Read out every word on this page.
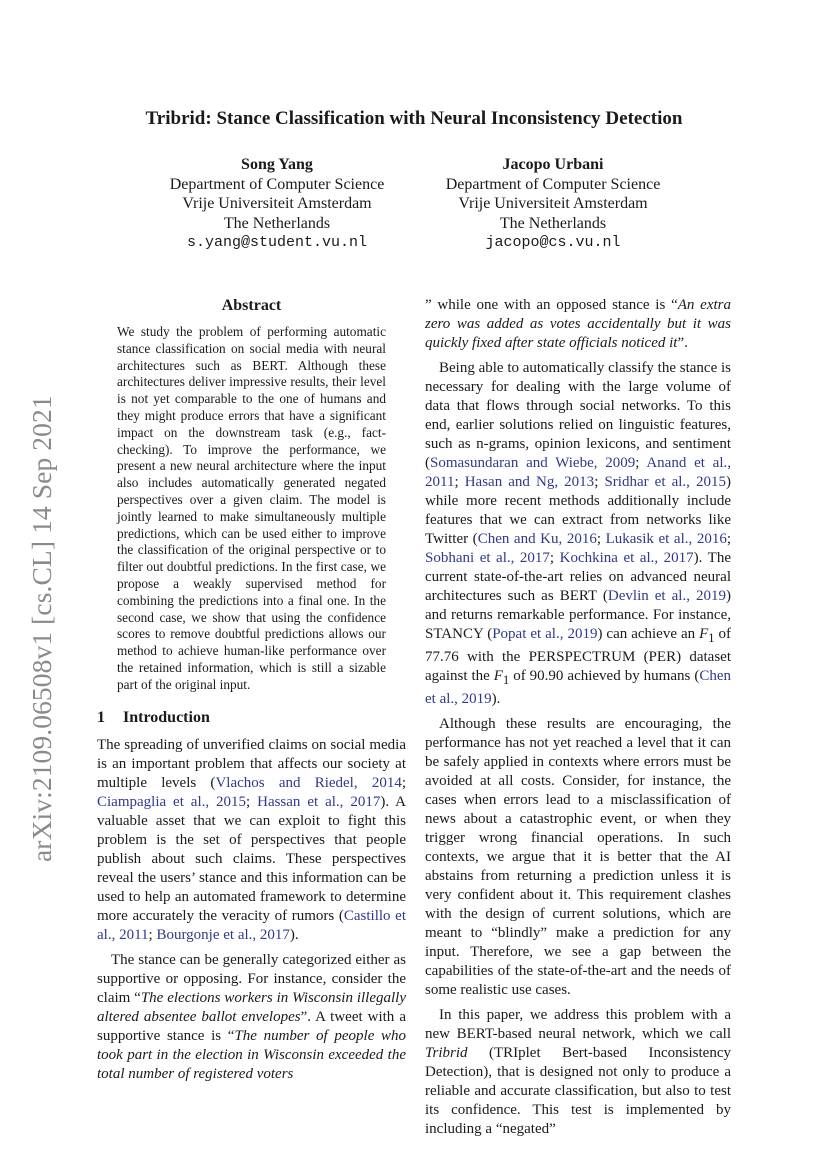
arXiv:2109.06508v1 [cs.CL] 14 Sep 2021
Tribrid: Stance Classification with Neural Inconsistency Detection
Song Yang
Department of Computer Science
Vrije Universiteit Amsterdam
The Netherlands
s.yang@student.vu.nl
Jacopo Urbani
Department of Computer Science
Vrije Universiteit Amsterdam
The Netherlands
jacopo@cs.vu.nl
Abstract

We study the problem of performing automatic stance classification on social media with neural architectures such as BERT. Although these architectures deliver impressive results, their level is not yet comparable to the one of humans and they might produce errors that have a significant impact on the downstream task (e.g., fact-checking). To improve the performance, we present a new neural architecture where the input also includes automatically generated negated perspectives over a given claim. The model is jointly learned to make simultaneously multiple predictions, which can be used either to improve the classification of the original perspective or to filter out doubtful predictions. In the first case, we propose a weakly supervised method for combining the predictions into a final one. In the second case, we show that using the confidence scores to remove doubtful predictions allows our method to achieve human-like performance over the retained information, which is still a sizable part of the original input.

1 Introduction

The spreading of unverified claims on social media is an important problem that affects our society at multiple levels (Vlachos and Riedel, 2014; Ciampaglia et al., 2015; Hassan et al., 2017). A valuable asset that we can exploit to fight this problem is the set of perspectives that people publish about such claims. These perspectives reveal the users’ stance and this information can be used to help an automated framework to determine more accurately the veracity of rumors (Castillo et al., 2011; Bourgonje et al., 2017).

The stance can be generally categorized either as supportive or opposing. For instance, consider the claim “The elections workers in Wisconsin illegally altered absentee ballot envelopes”. A tweet with a supportive stance is “The number of people who took part in the election in Wisconsin exceeded the total number of registered voters

” while one with an opposed stance is “An extra zero was added as votes accidentally but it was quickly fixed after state officials noticed it”.

Being able to automatically classify the stance is necessary for dealing with the large volume of data that flows through social networks. To this end, earlier solutions relied on linguistic features, such as n-grams, opinion lexicons, and sentiment (Somasundaran and Wiebe, 2009; Anand et al., 2011; Hasan and Ng, 2013; Sridhar et al., 2015) while more recent methods additionally include features that we can extract from networks like Twitter (Chen and Ku, 2016; Lukasik et al., 2016; Sobhani et al., 2017; Kochkina et al., 2017). The current state-of-the-art relies on advanced neural architectures such as BERT (Devlin et al., 2019) and returns remarkable performance. For instance, STANCY (Popat et al., 2019) can achieve an $F_1$ of 77.76 with the PERSPECTRUM (PER) dataset against the $F_1$ of 90.90 achieved by humans (Chen et al., 2019).

Although these results are encouraging, the performance has not yet reached a level that it can be safely applied in contexts where errors must be avoided at all costs. Consider, for instance, the cases when errors lead to a misclassification of news about a catastrophic event, or when they trigger wrong financial operations. In such contexts, we argue that it is better that the AI abstains from returning a prediction unless it is very confident about it. This requirement clashes with the design of current solutions, which are meant to “blindly” make a prediction for any input. Therefore, we see a gap between the capabilities of the state-of-the-art and the needs of some realistic use cases.

In this paper, we address this problem with a new BERT-based neural network, which we call Tribrid (TRIplet Bert-based Inconsistency Detection), that is designed not only to produce a reliable and accurate classification, but also to test its confidence. This test is implemented by including a “negated”
